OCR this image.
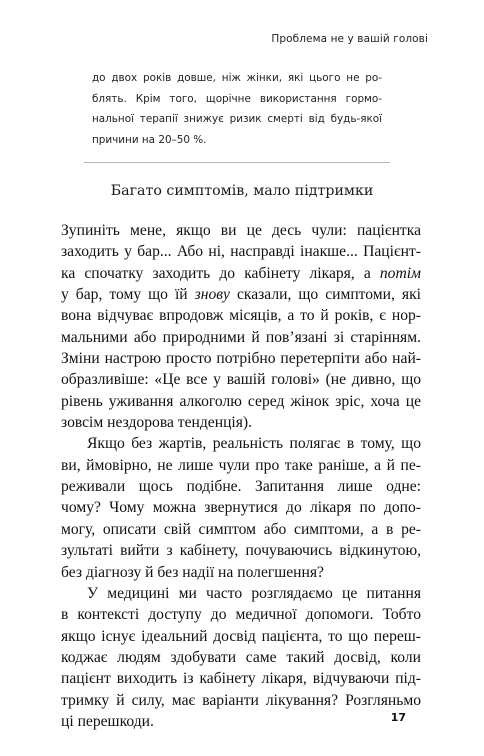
Проблема не у вашій голові
до двох років довше, ніж жінки, які цього не ро-
блять. Крім того, щорічне використання гормо-
нальної терапії знижує ризик смерті від будь-якої
причини на 20–50 %.
Багато симптомів, мало підтримки
Зупиніть мене, якщо ви це десь чули: пацієнтка
заходить у бар... Або ні, насправді інакше... Пацієнт-
ка спочатку заходить до кабінету лікаря, а потім
у бар, тому що їй знову сказали, що симптоми, які
вона відчуває впродовж місяців, а то й років, є нор-
мальними або природними й пов’язані зі старінням.
Зміни настрою просто потрібно перетерпіти або най-
образливіше: «Це все у вашій голові» (не дивно, що
рівень уживання алкоголю серед жінок зріс, хоча це
зовсім нездорова тенденція).
Якщо без жартів, реальність полягає в тому, що
ви, ймовірно, не лише чули про таке раніше, а й пе-
реживали щось подібне. Запитання лише одне:
чому? Чому можна звернутися до лікаря по допо-
могу, описати свій симптом або симптоми, а в ре-
зультаті вийти з кабінету, почуваючись відкинутою,
без діагнозу й без надії на полегшення?
У медицині ми часто розглядаємо це питання
в контексті доступу до медичної допомоги. Тобто
якщо існує ідеальний досвід пацієнта, то що переш-
коджає людям здобувати саме такий досвід, коли
пацієнт виходить із кабінету лікаря, відчуваючи під-
тримку й силу, має варіанти лікування? Розгляньмо
ці перешкоди.	17
